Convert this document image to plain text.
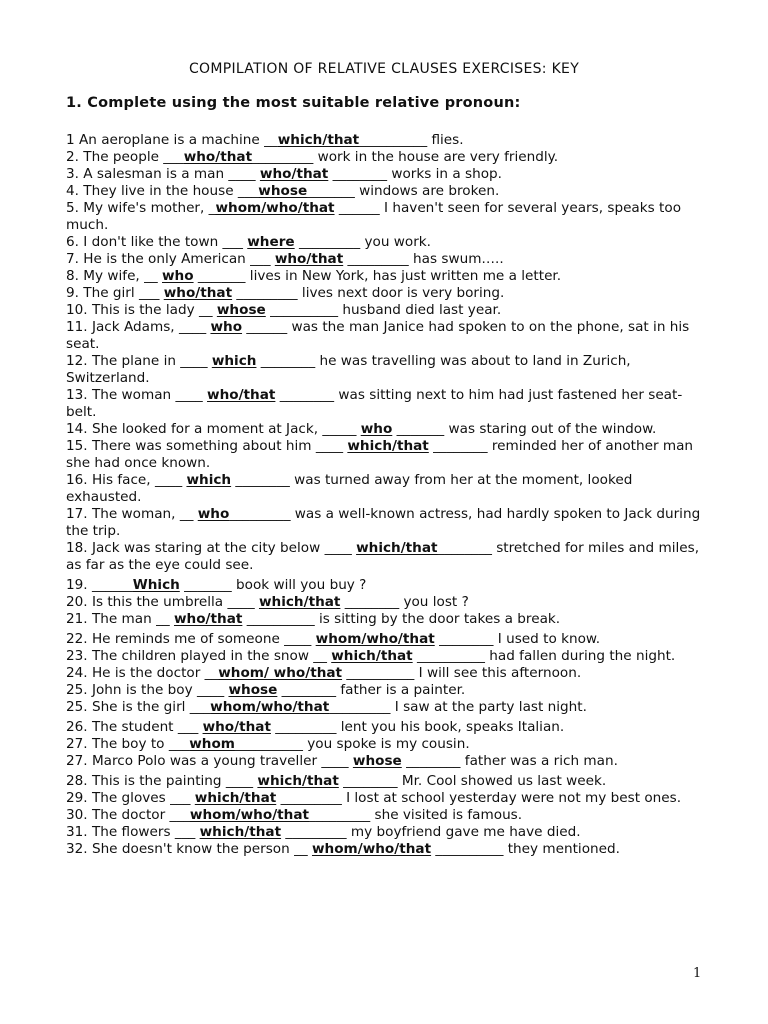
COMPILATION OF RELATIVE CLAUSES EXERCISES: KEY
1. Complete using the most suitable relative pronoun:

1 An aeroplane is a machine __which/that__________ flies.

2. The people ___who/that_________ work in the house are very friendly.

3. A salesman is a man ____ who/that ________ works in a shop.

4. They live in the house ___whose_______ windows are broken.

5. My wife's mother, _whom/who/that ______ I haven't seen for several years, speaks too much.

6. I don't like the town ___ where _________ you work.

7. He is the only American ___ who/that _________ has swum…..

8. My wife, __ who _______ lives in New York, has just written me a letter.

9. The girl ___ who/that _________ lives next door is very boring.

10. This is the lady __ whose __________ husband died last year.

11. Jack Adams, ____ who ______ was the man Janice had spoken to on the phone, sat in his seat.

12. The plane in ____ which ________ he was travelling was about to land in Zurich, Switzerland.

13. The woman ____ who/that ________ was sitting next to him had just fastened her seat-belt.

14. She looked for a moment at Jack, _____ who _______ was staring out of the window.

15. There was something about him ____ which/that ________ reminded her of another man she had once known.

16. His face, ____ which ________ was turned away from her at the moment, looked exhausted.

17. The woman, __ who_________ was a well-known actress, had hardly spoken to Jack during the trip.

18. Jack was staring at the city below ____ which/that________ stretched for miles and miles, as far as the eye could see.

19. ______Which _______ book will you buy ?

20. Is this the umbrella ____ which/that ________ you lost ?

21. The man __ who/that __________ is sitting by the door takes a break.

22. He reminds me of someone ____ whom/who/that ________ I used to know.

23. The children played in the snow __ which/that __________ had fallen during the night.

24. He is the doctor __whom/ who/that __________ I will see this afternoon.

25. John is the boy ____ whose ________ father is a painter.

25. She is the girl ___whom/who/that_________ I saw at the party last night.

26. The student ___ who/that _________ lent you his book, speaks Italian.

27. The boy to ___whom__________ you spoke is my cousin.

27. Marco Polo was a young traveller ____ whose ________ father was a rich man.

28. This is the painting ____ which/that ________ Mr. Cool showed us last week.

29. The gloves ___ which/that _________ I lost at school yesterday were not my best ones.

30. The doctor ___whom/who/that_________ she visited is famous.

31. The flowers ___ which/that _________ my boyfriend gave me have died.

32. She doesn't know the person __ whom/who/that __________ they mentioned.

1
